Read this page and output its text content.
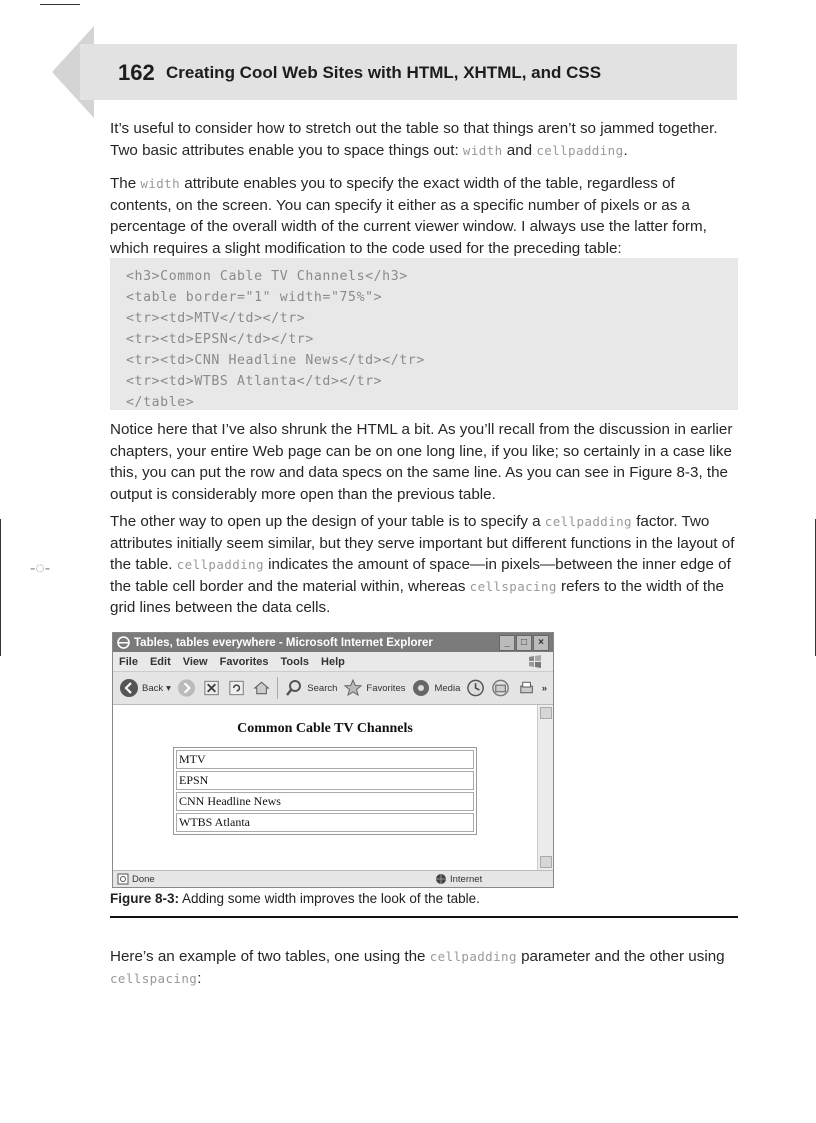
162 Creating Cool Web Sites with HTML, XHTML, and CSS
It’s useful to consider how to stretch out the table so that things aren’t so jammed together.
Two basic attributes enable you to space things out: width and cellpadding.
The width attribute enables you to specify the exact width of the table, regardless of contents, on the screen. You can specify it either as a specific number of pixels or as a percentage of the overall width of the current viewer window. I always use the latter form, which requires a slight modification to the code used for the preceding table:
<h3>Common Cable TV Channels</h3>
<table border="1" width="75%">
<tr><td>MTV</td></tr>
<tr><td>EPSN</td></tr>
<tr><td>CNN Headline News</td></tr>
<tr><td>WTBS Atlanta</td></tr>
</table>
Notice here that I’ve also shrunk the HTML a bit. As you’ll recall from the discussion in earlier chapters, your entire Web page can be on one long line, if you like; so certainly in a case like this, you can put the row and data specs on the same line. As you can see in Figure 8-3, the output is considerably more open than the previous table.
-◌-
The other way to open up the design of your table is to specify a cellpadding factor. Two attributes initially seem similar, but they serve important but different functions in the layout of the table. cellpadding indicates the amount of space—in pixels—between the inner edge of the table cell border and the material within, whereas cellspacing refers to the width of the grid lines between the data cells.
Tables, tables everywhere - Microsoft Internet Explorer	_	□	×
File Edit View Favorites Tools Help
Back ▾	Search	Favorites	Media	»
Common Cable TV Channels
MTV
EPSN
CNN Headline News
WTBS Atlanta
Done	Internet
Figure 8-3: Adding some width improves the look of the table.
Here’s an example of two tables, one using the cellpadding parameter and the other using
cellspacing:
